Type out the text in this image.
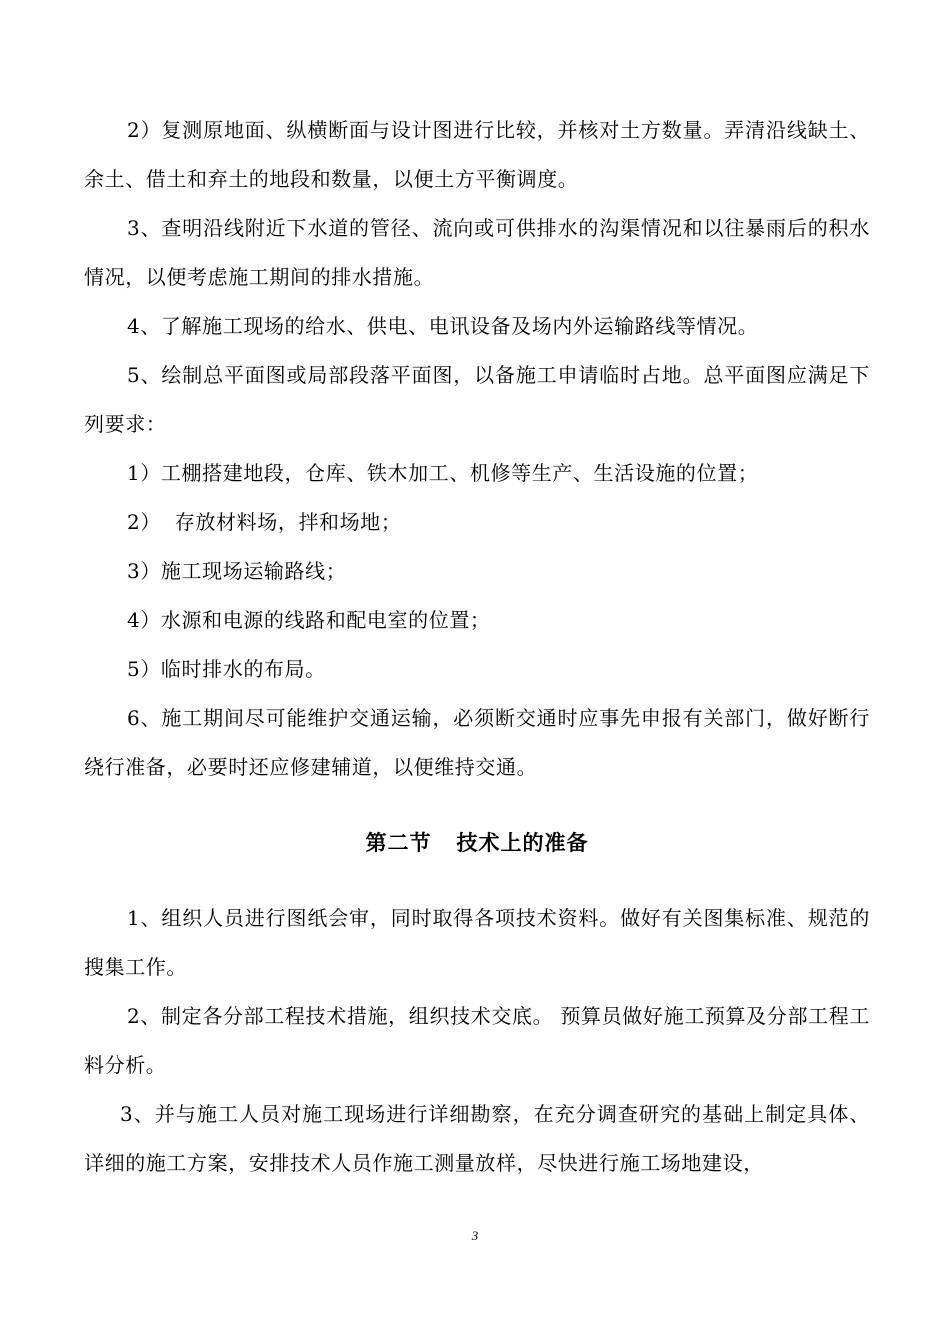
2）复测原地面、纵横断面与设计图进行比较，并核对土方数量。弄清沿线缺土、余土、借土和弃土的地段和数量，以便土方平衡调度。

3、查明沿线附近下水道的管径、流向或可供排水的沟渠情况和以往暴雨后的积水情况，以便考虑施工期间的排水措施。

4、了解施工现场的给水、供电、电讯设备及场内外运输路线等情况。

5、绘制总平面图或局部段落平面图，以备施工申请临时占地。总平面图应满足下列要求：

1）工棚搭建地段，仓库、铁木加工、机修等生产、生活设施的位置；

2）  存放材料场，拌和场地；

3）施工现场运输路线；

4）水源和电源的线路和配电室的位置；

5）临时排水的布局。

6、施工期间尽可能维护交通运输，必须断交通时应事先申报有关部门，做好断行绕行准备，必要时还应修建辅道，以便维持交通。

第二节   技术上的准备

1、组织人员进行图纸会审，同时取得各项技术资料。做好有关图集标准、规范的搜集工作。

2、制定各分部工程技术措施，组织技术交底。 预算员做好施工预算及分部工程工料分析。

3、并与施工人员对施工现场进行详细勘察，在充分调查研究的基础上制定具体、详细的施工方案，安排技术人员作施工测量放样，尽快进行施工场地建设，

3
